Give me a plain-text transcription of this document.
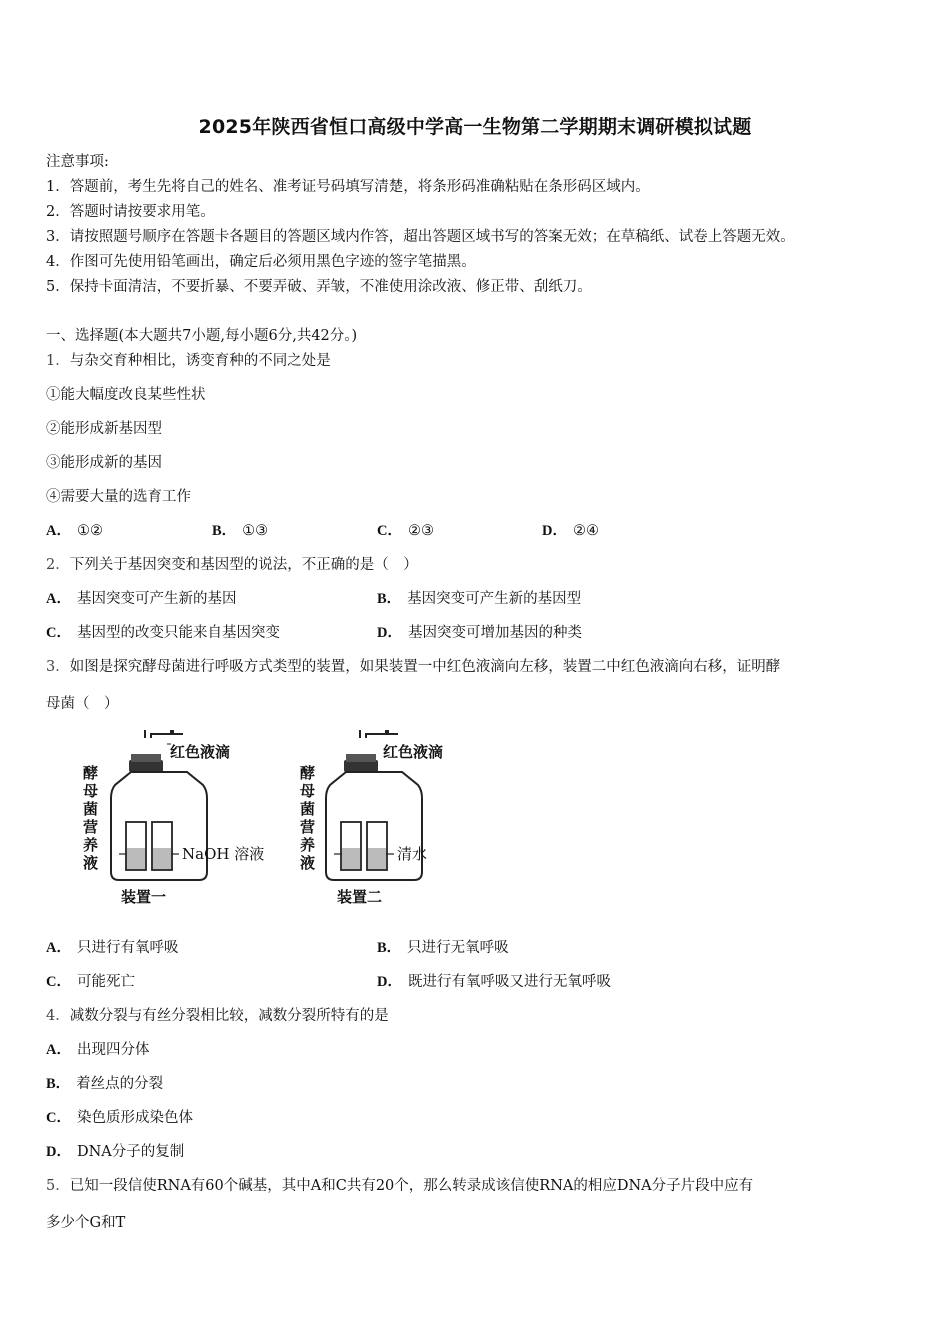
2025年陕西省恒口高级中学高一生物第二学期期末调研模拟试题
注意事项:
1．答题前，考生先将自己的姓名、准考证号码填写清楚，将条形码准确粘贴在条形码区域内。
2．答题时请按要求用笔。
3．请按照题号顺序在答题卡各题目的答题区域内作答，超出答题区域书写的答案无效；在草稿纸、试卷上答题无效。
4．作图可先使用铅笔画出，确定后必须用黑色字迹的签字笔描黑。
5．保持卡面清洁，不要折暴、不要弄破、弄皱，不准使用涂改液、修正带、刮纸刀。
一、选择题(本大题共7小题,每小题6分,共42分。)
1．与杂交育种相比，诱变育种的不同之处是
①能大幅度改良某些性状
②能形成新基因型
③能形成新的基因
④需要大量的选育工作
A． ①②	B． ①③	C． ②③	D． ②④
2．下列关于基因突变和基因型的说法，不正确的是（　）
A． 基因突变可产生新的基因	B． 基因突变可产生新的基因型
C． 基因型的改变只能来自基因突变	D． 基因突变可增加基因的种类
3．如图是探究酵母菌进行呼吸方式类型的装置，如果装置一中红色液滴向左移，装置二中红色液滴向右移，证明酵
母菌（　）
红色液滴	红色液滴
酵母菌营养液
酵母菌营养液
NaOH 溶液	清水
装置一	装置二
A． 只进行有氧呼吸	B． 只进行无氧呼吸
C． 可能死亡	D． 既进行有氧呼吸又进行无氧呼吸
4．减数分裂与有丝分裂相比较，减数分裂所特有的是
A． 出现四分体
B． 着丝点的分裂
C． 染色质形成染色体
D． DNA分子的复制
5．已知一段信使RNA有60个碱基，其中A和C共有20个，那么转录成该信使RNA的相应DNA分子片段中应有
多少个G和T
